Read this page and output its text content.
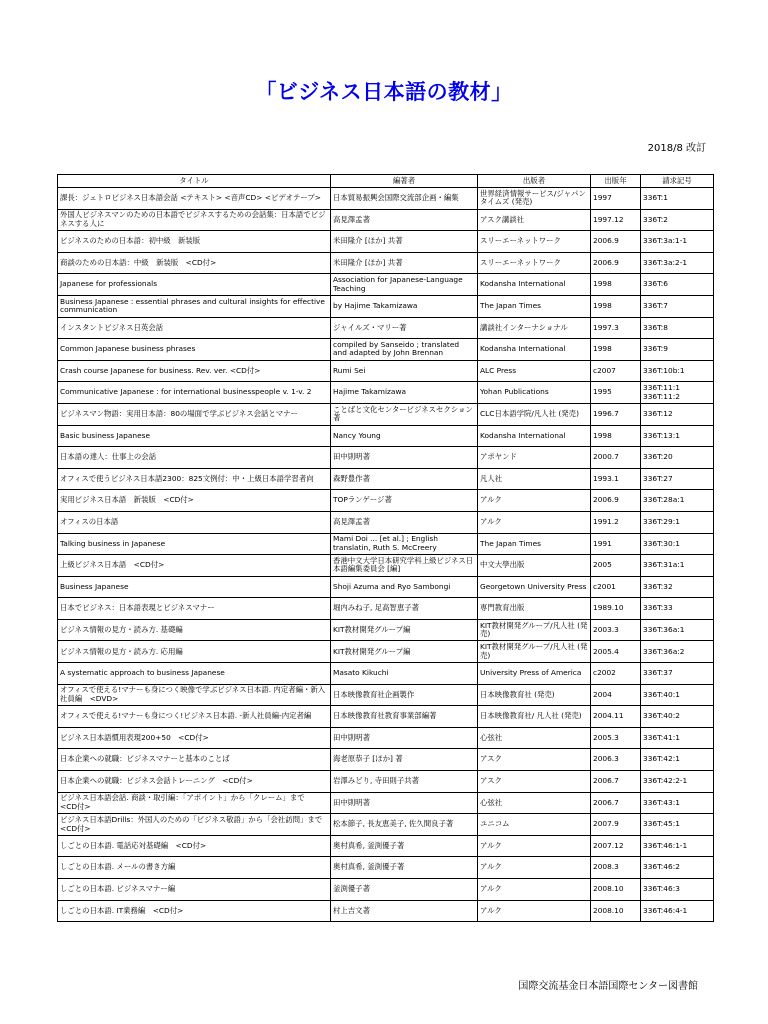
「ビジネス日本語の教材」
2018/8 改訂
タイトル	編著者	出版者	出版年	請求記号

課長：ジェトロビジネス日本語会話 <テキスト> <音声CD> <ビデオテープ>	日本貿易振興会国際交流部企画・編集	世界経済情報サービス/ジャパンタイムズ (発売)	1997	336T:1

外国人ビジネスマンのための日本語でビジネスするための会話集：日本語でビジネスする人に	高見澤孟著	アスク講談社	1997.12	336T:2

ビジネスのための日本語：初中級　新装版	米田隆介 [ほか] 共著	スリーエーネットワーク	2006.9	336T:3a:1-1

商談のための日本語：中級　新装版　<CD付>	米田隆介 [ほか] 共著	スリーエーネットワーク	2006.9	336T:3a:2-1

Japanese for professionals	Association for Japanese-Language Teaching	Kodansha International	1998	336T:6

Business Japanese : essential phrases and cultural insights for effective communication	by Hajime Takamizawa	The Japan Times	1998	336T:7

インスタントビジネス日英会話	ジャイルズ・マリー著	講談社インターナショナル	1997.3	336T:8

Common Japanese business phrases	compiled by Sanseido ; translated and adapted by John Brennan	Kodansha International	1998	336T:9

Crash course Japanese for business. Rev. ver. <CD付>	Rumi Sei	ALC Press	c2007	336T:10b:1

Communicative Japanese : for international businesspeople v. 1-v. 2	Hajime Takamizawa	Yohan Publications	1995	336T:11:1
336T:11:2

ビジネスマン物語：実用日本語：80の場面で学ぶビジネス会話とマナー	ことばと文化センタービジネスセクション著	CLC日本語学院/凡人社 (発売)	1996.7	336T:12

Basic business Japanese	Nancy Young	Kodansha International	1998	336T:13:1

日本語の達人：仕事上の会話	田中則明著	アポヤンド	2000.7	336T:20

オフィスで使うビジネス日本語2300：825文例付：中・上級日本語学習者向	森野豊作著	凡人社	1993.1	336T:27

実用ビジネス日本語　新装版　<CD付>	TOPランゲージ著	アルク	2006.9	336T:28a:1

オフィスの日本語	高見澤孟著	アルク	1991.2	336T:29:1

Talking business in Japanese	Mami Doi ... [et al.] ; English translatin, Ruth S. McCreery	The Japan Times	1991	336T:30:1

上級ビジネス日本語　<CD付>	香港中文大学日本研究学科上級ビジネス日本語編集委員会 [編]	中文大學出版	2005	336T:31a:1

Business Japanese	Shoji Azuma and Ryo Sambongi	Georgetown University Press	c2001	336T:32

日本でビジネス：日本語表現とビジネスマナー	堀内みね子, 足高智恵子著	専門教育出版	1989.10	336T:33

ビジネス情報の見方・読み方. 基礎編	KIT教材開発グループ編	KIT教材開発グループ/凡人社 (発売)	2003.3	336T:36a:1

ビジネス情報の見方・読み方. 応用編	KIT教材開発グループ編	KIT教材開発グループ/凡人社 (発売)	2005.4	336T:36a:2

A systematic approach to business Japanese	Masato Kikuchi	University Press of America	c2002	336T:37

オフィスで使える!マナーも身につく映像で学ぶビジネス日本語. 内定者編・新入社員編　<DVD>	日本映像教育社企画製作	日本映像教育社 (発売)	2004	336T:40:1

オフィスで使える!マナーも身につく!ビジネス日本語. -新人社員編-内定者編	日本映像教育社教育事業部編著	日本映像教育社/ 凡人社 (発売)	2004.11	336T:40:2

ビジネス日本語慣用表現200+50　<CD付>	田中則明著	心弦社	2005.3	336T:41:1

日本企業への就職：ビジネスマナーと基本のことば	海老原恭子 [ほか] 著	アスク	2006.3	336T:42:1

日本企業への就職：ビジネス会話トレーニング　<CD付>	岩澤みどり, 寺田則子共著	アスク	2006.7	336T:42:2-1

ビジネス日本語会話. 商談・取引編：「アポイント」から「クレーム」まで　<CD付>	田中則明著	心弦社	2006.7	336T:43:1

ビジネス日本語Drills：外国人のための「ビジネス敬語」から「会社訪問」まで　<CD付>	松本節子, 長友恵美子, 佐久間良子著	ユニコム	2007.9	336T:45:1

しごとの日本語. 電話応対基礎編　<CD付>	奥村真希, 釜渕優子著	アルク	2007.12	336T:46:1-1

しごとの日本語. メールの書き方編	奥村真希, 釜渕優子著	アルク	2008.3	336T:46:2

しごとの日本語. ビジネスマナー編	釜渕優子著	アルク	2008.10	336T:46:3

しごとの日本語. IT業務編　<CD付>	村上吉文著	アルク	2008.10	336T:46:4-1
国際交流基金日本語国際センター図書館
